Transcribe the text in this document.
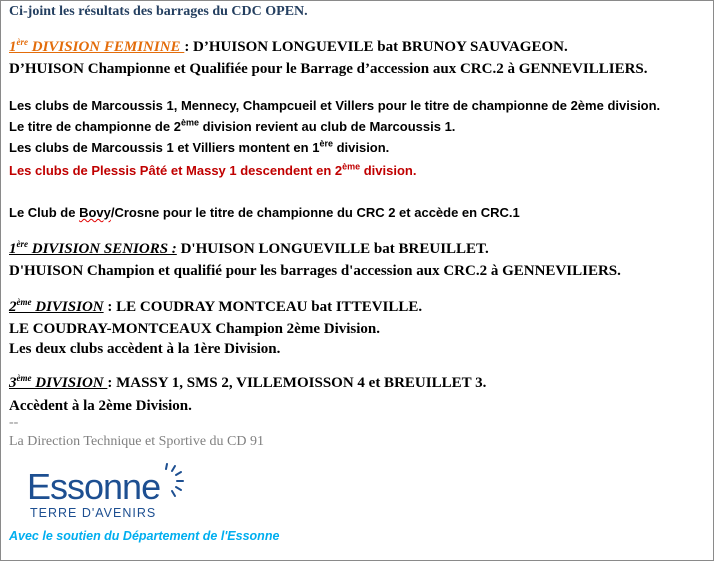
Ci-joint les résultats des barrages du CDC OPEN.
1ère DIVISION FEMININE : D’HUISON LONGUEVILE bat BRUNOY SAUVAGEON.
D’HUISON Championne et Qualifiée pour le Barrage d’accession aux CRC.2 à GENNEVILLIERS.
Les clubs de Marcoussis 1, Mennecy, Champcueil et Villers pour le titre de championne de 2ème division.
Le titre de championne de 2ème division revient au club de Marcoussis 1.
Les clubs de Marcoussis 1 et Villiers montent en 1ère division.
Les clubs de Plessis Pâté et Massy 1 descendent en 2ème division.
Le Club de Bovy/Crosne pour le titre de championne du CRC 2 et accède en CRC.1
1ère DIVISION SENIORS : D'HUISON LONGUEVILLE bat BREUILLET.
D'HUISON Champion et qualifié pour les barrages d'accession aux CRC.2 à GENNEVILIERS.
2ème DIVISION : LE COUDRAY MONTCEAU bat ITTEVILLE.
LE COUDRAY-MONTCEAUX Champion 2ème Division.
Les deux clubs accèdent à la 1ère Division.
3ème DIVISION : MASSY 1, SMS 2, VILLEMOISSON 4 et BREUILLET 3.
Accèdent à la 2ème Division.
--
La Direction Technique et Sportive du CD 91
Essonne
TERRE D'AVENIRS
Avec le soutien du Département de l'Essonne
